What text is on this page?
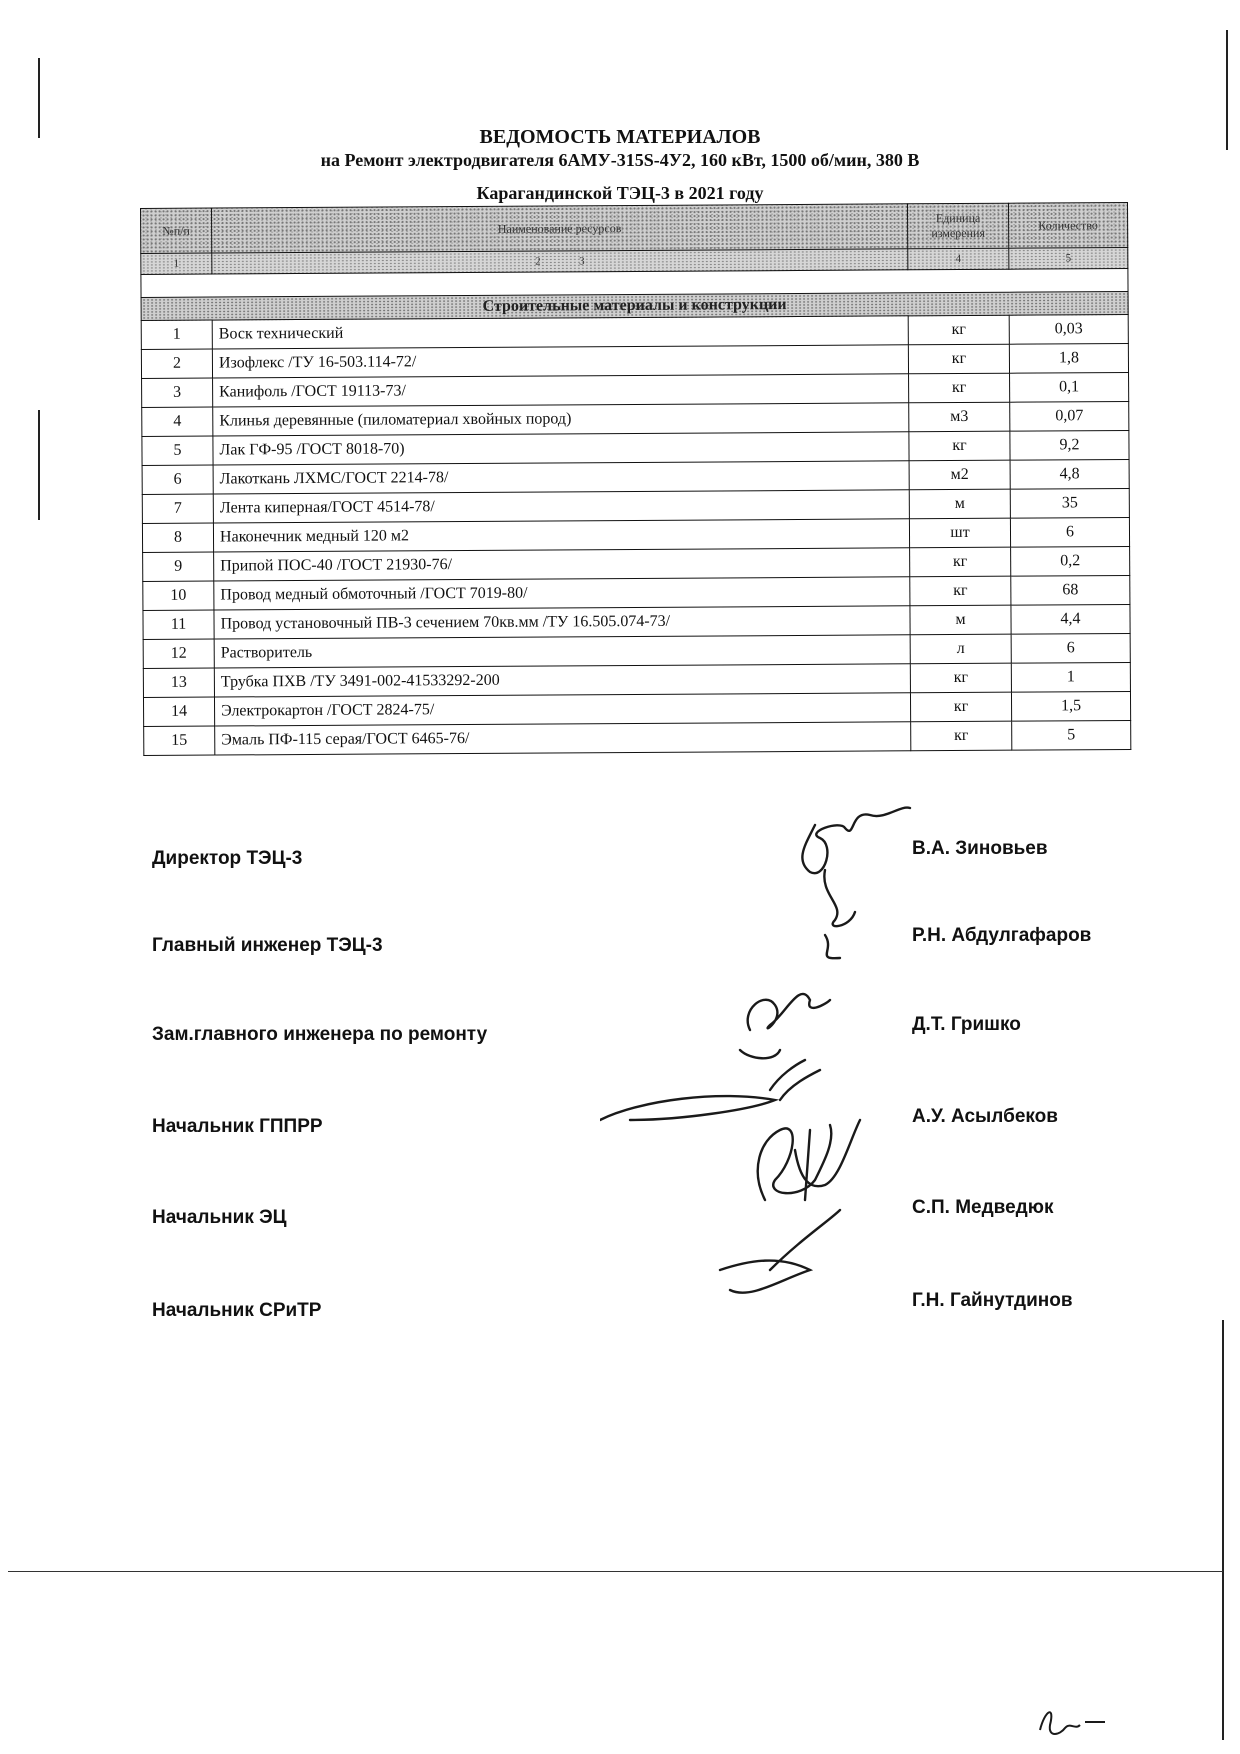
ВЕДОМОСТЬ МАТЕРИАЛОВ
на Ремонт электродвигателя 6АМУ-315S-4У2, 160 кВт, 1500 об/мин, 380 В
Карагандинской ТЭЦ-3 в 2021 году
№п/п	Наименование ресурсов	Единица измерения	Количество
1	2 3	4	5

Строительные материалы и конструкции			
1	Воск технический	кг	0,03
2	Изофлекс /ТУ 16-503.114-72/	кг	1,8
3	Канифоль /ГОСТ 19113-73/	кг	0,1
4	Клинья деревянные (пиломатериал хвойных пород)	м3	0,07
5	Лак ГФ-95 /ГОСТ 8018-70)	кг	9,2
6	Лакоткань ЛХМС/ГОСТ 2214-78/	м2	4,8
7	Лента киперная/ГОСТ 4514-78/	м	35
8	Наконечник медный 120 м2	шт	6
9	Припой ПОС-40 /ГОСТ 21930-76/	кг	0,2
10	Провод медный обмоточный /ГОСТ 7019-80/	кг	68
11	Провод установочный ПВ-3 сечением 70кв.мм /ТУ 16.505.074-73/	м	4,4
12	Растворитель	л	6
13	Трубка ПХВ /ТУ 3491-002-41533292-200	кг	1
14	Электрокартон /ГОСТ 2824-75/	кг	1,5
15	Эмаль ПФ-115 серая/ГОСТ 6465-76/	кг	5
Директор ТЭЦ-3	В.А. Зиновьев
Главный инженер ТЭЦ-3	Р.Н. Абдулгафаров
Зам.главного инженера по ремонту	Д.Т. Гришко
Начальник ГППРР	А.У. Асылбеков
Начальник ЭЦ	С.П. Медведюк
Начальник СРиТР	Г.Н. Гайнутдинов
